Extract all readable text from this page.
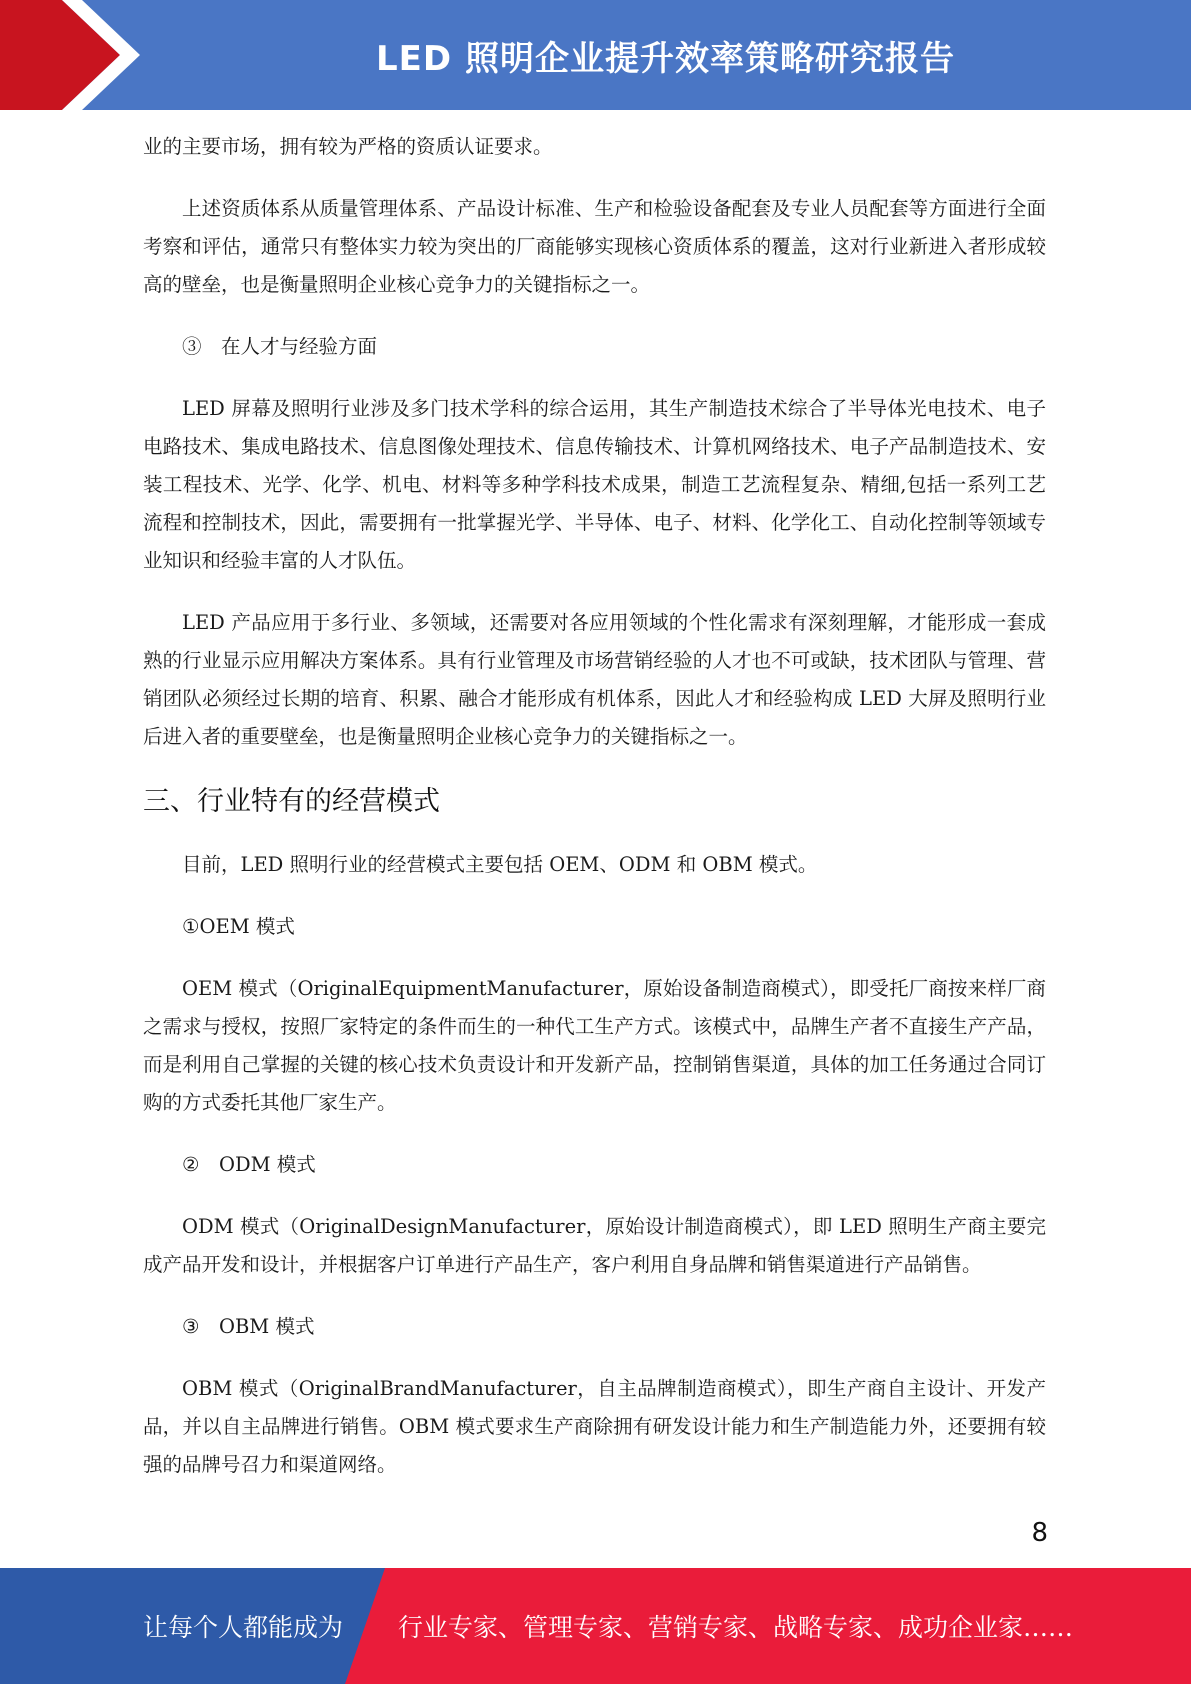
LED 照明企业提升效率策略研究报告

业的主要市场，拥有较为严格的资质认证要求。

上述资质体系从质量管理体系、产品设计标准、生产和检验设备配套及专业人员配套等方面进行全面考察和评估，通常只有整体实力较为突出的厂商能够实现核心资质体系的覆盖，这对行业新进入者形成较高的壁垒，也是衡量照明企业核心竞争力的关键指标之一。

③　在人才与经验方面

LED 屏幕及照明行业涉及多门技术学科的综合运用，其生产制造技术综合了半导体光电技术、电子电路技术、集成电路技术、信息图像处理技术、信息传输技术、计算机网络技术、电子产品制造技术、安装工程技术、光学、化学、机电、材料等多种学科技术成果，制造工艺流程复杂、精细,包括一系列工艺流程和控制技术，因此，需要拥有一批掌握光学、半导体、电子、材料、化学化工、自动化控制等领域专业知识和经验丰富的人才队伍。

LED 产品应用于多行业、多领域，还需要对各应用领域的个性化需求有深刻理解，才能形成一套成熟的行业显示应用解决方案体系。具有行业管理及市场营销经验的人才也不可或缺，技术团队与管理、营销团队必须经过长期的培育、积累、融合才能形成有机体系，因此人才和经验构成 LED 大屏及照明行业后进入者的重要壁垒，也是衡量照明企业核心竞争力的关键指标之一。

三、行业特有的经营模式

目前，LED 照明行业的经营模式主要包括 OEM、ODM 和 OBM 模式。

①OEM 模式

OEM 模式（OriginalEquipmentManufacturer，原始设备制造商模式），即受托厂商按来样厂商之需求与授权，按照厂家特定的条件而生的一种代工生产方式。该模式中，品牌生产者不直接生产产品，而是利用自己掌握的关键的核心技术负责设计和开发新产品，控制销售渠道，具体的加工任务通过合同订购的方式委托其他厂家生产。

②　ODM 模式

ODM 模式（OriginalDesignManufacturer，原始设计制造商模式），即 LED 照明生产商主要完成产品开发和设计，并根据客户订单进行产品生产，客户利用自身品牌和销售渠道进行产品销售。

③　OBM 模式

OBM 模式（OriginalBrandManufacturer，自主品牌制造商模式），即生产商自主设计、开发产品，并以自主品牌进行销售。OBM 模式要求生产商除拥有研发设计能力和生产制造能力外，还要拥有较强的品牌号召力和渠道网络。

8
让每个人都能成为 行业专家、管理专家、营销专家、战略专家、成功企业家……
